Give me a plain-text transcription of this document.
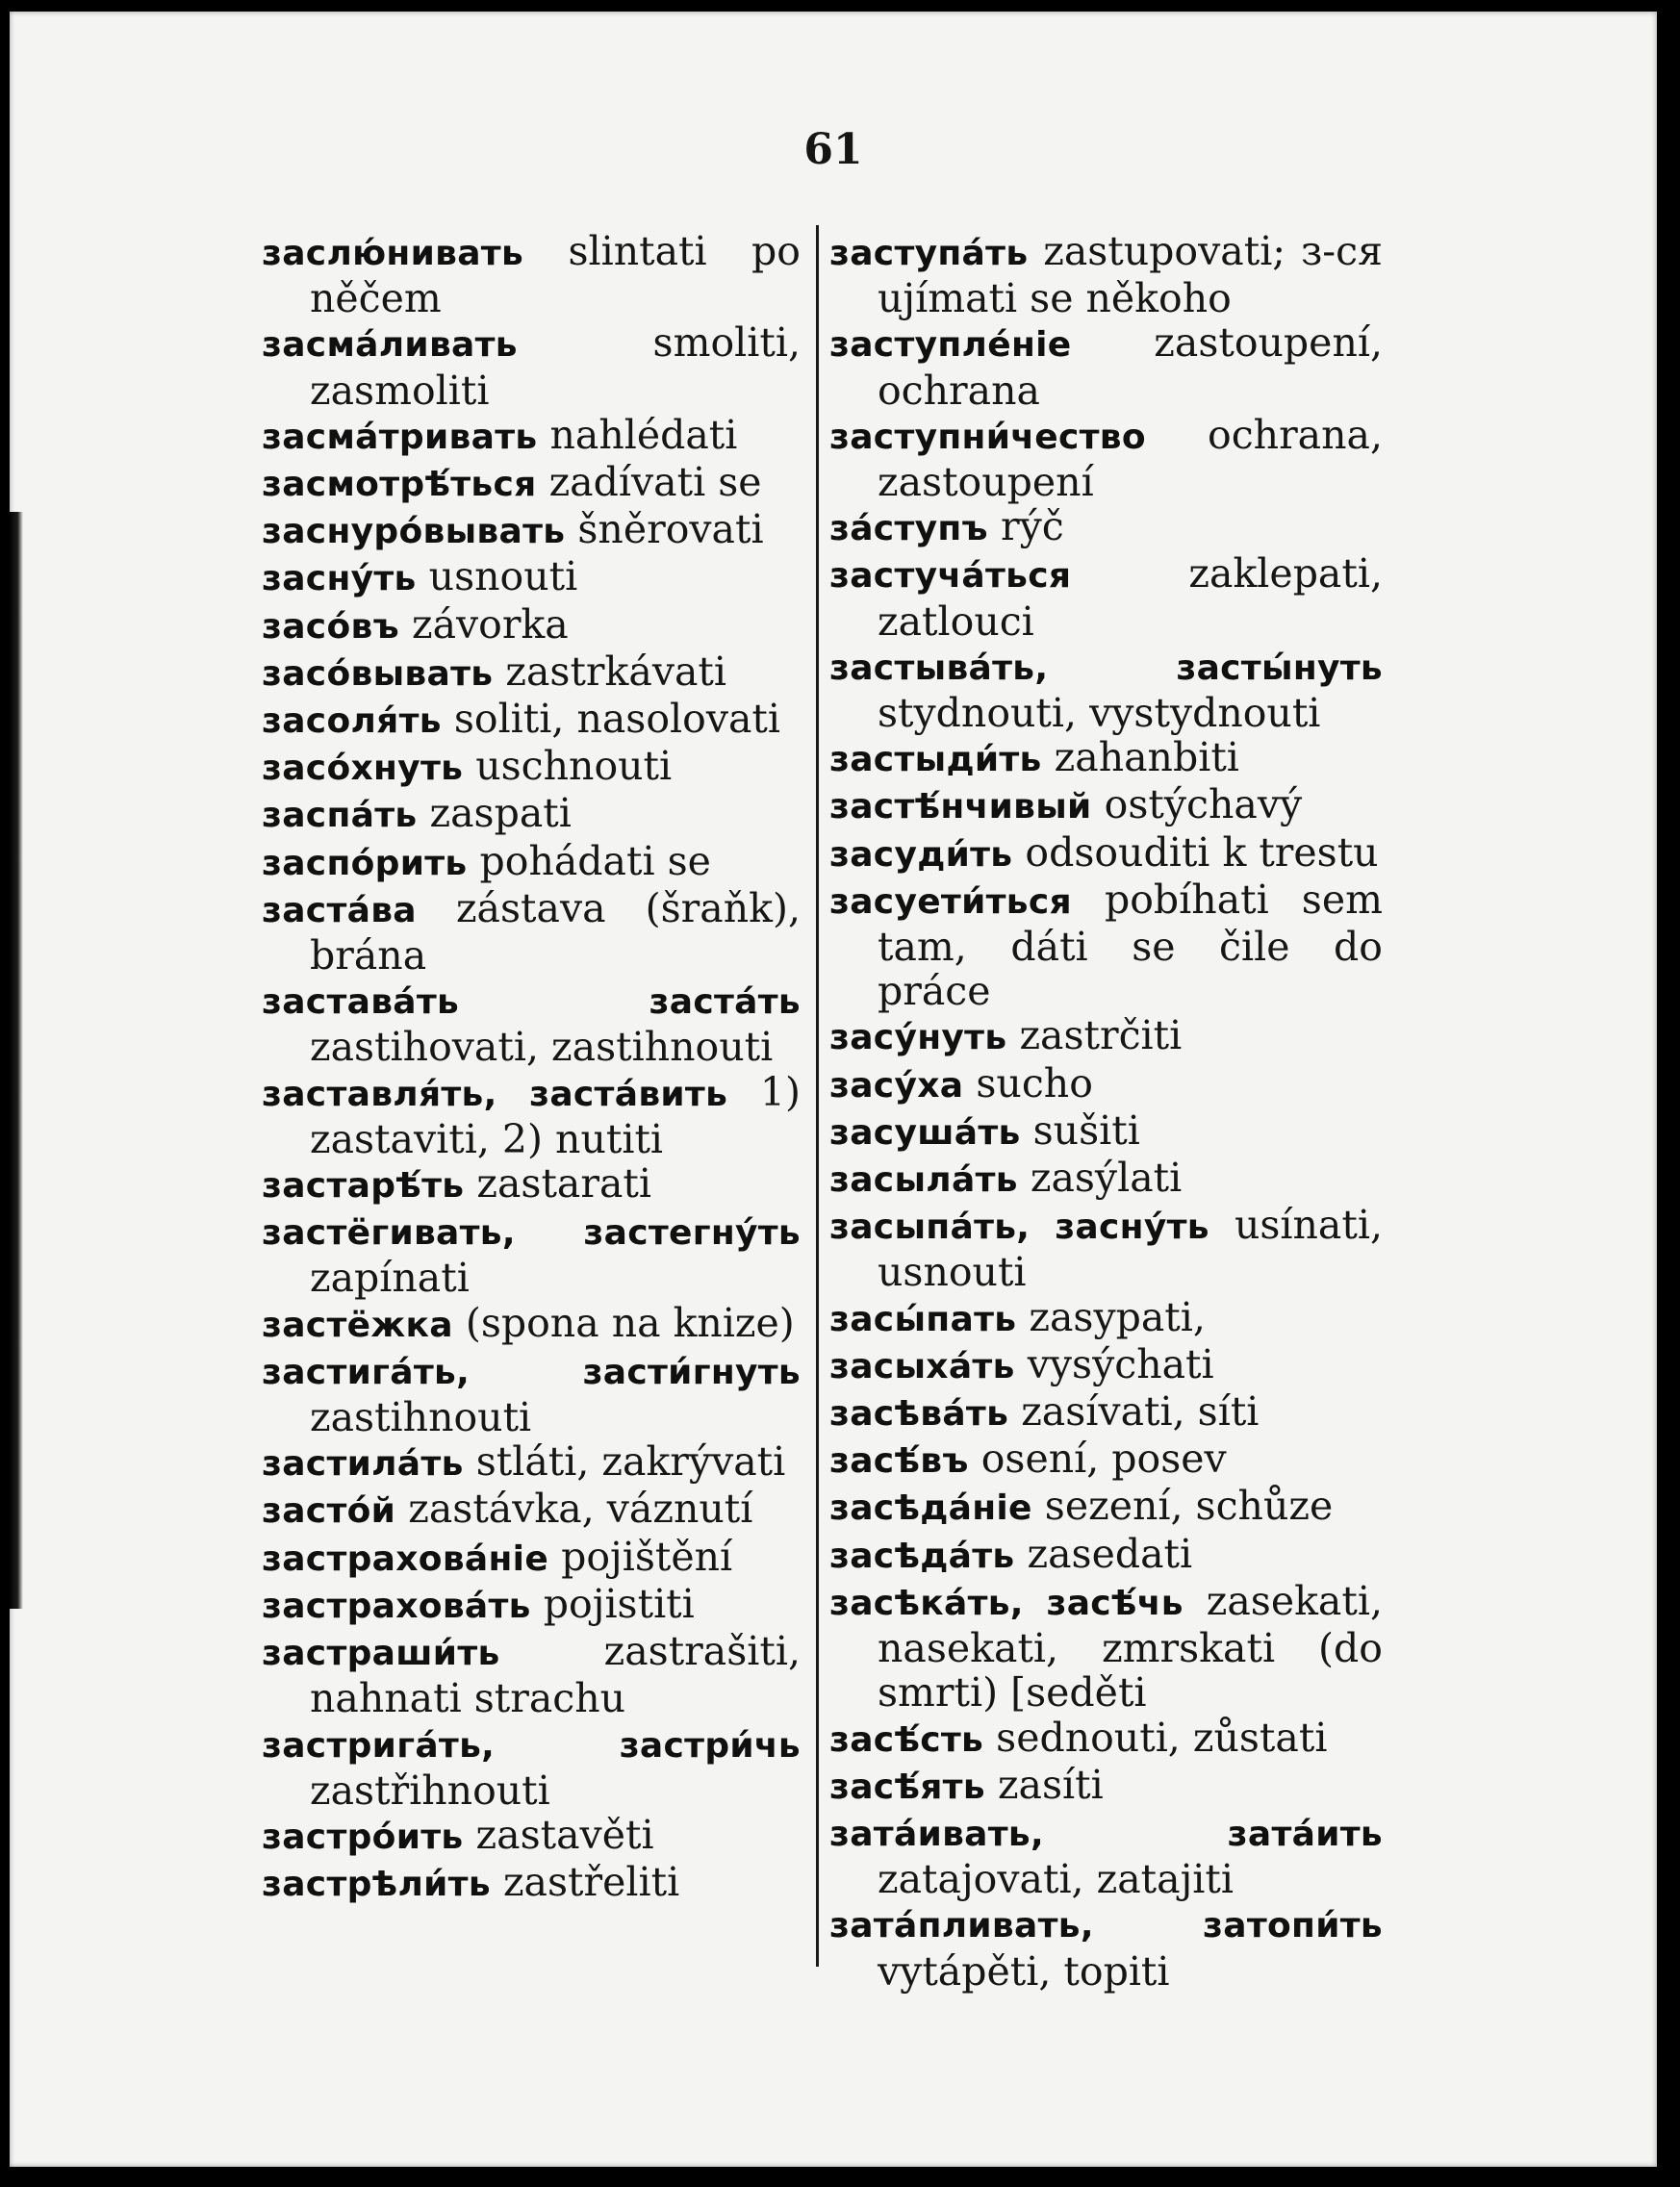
61
заслю́нивать slintati po něčem
засма́ливать	smoliti, zasmoliti
засма́тривать nahlédati
засмотрѣ́ться zadívati se
заснуро́вывать šněrovati
засну́ть usnouti
засо́въ závorka
засо́вывать zastrkávati
засоля́ть soliti, nasolovati
засо́хнуть uschnouti
заспа́ть zaspati
заспо́рить pohádati se
заста́ва zástava (šraňk), brána
застава́ть заста́ть zastihovati, zastihnouti
заставля́ть, заста́вить 1) zastaviti, 2) nutiti
застарѣ́ть zastarati
застёгивать, застегну́ть zapínati
застёжка (spona na knize)
застига́ть, засти́гнуть zastihnouti
застила́ть stláti, zakrývati
засто́й zastávka, váznutí
застрахова́ніе pojištění
застрахова́ть pojistiti
застраши́ть	zastrašiti, nahnati strachu
застрига́ть, застри́чь zastřihnouti
застро́ить zastavěti
застрѣли́ть zastřeliti
заступа́ть zastupovati; з-ся ujímati se někoho
заступле́ніе zastoupení, ochrana
заступни́чество ochrana, zastoupení
за́ступъ rýč
застуча́ться	zaklepati, zatlouci
застыва́ть, засты́нуть stydnouti, vystydnouti
застыди́ть zahanbiti
застѣ́нчивый ostýchavý
засуди́ть odsouditi k trestu
засуети́ться pobíhati sem tam, dáti se čile do práce
засу́нуть zastrčiti
засу́ха sucho
засуша́ть sušiti
засыла́ть zasýlati
засыпа́ть, засну́ть usínati, usnouti
засы́пать zasypati,
засыха́ть vysýchati
засѣва́ть zasívati, síti
засѣ́въ osení, posev
засѣда́ніе sezení, schůze
засѣда́ть zasedati
засѣка́ть, засѣ́чь zasekati, nasekati, zmrskati (do smrti) [seděti
засѣ́сть sednouti, zůstati
засѣ́ять zasíti
зата́ивать, зата́ить zatajovati, zatajiti
зата́пливать, затопи́ть vytápěti, topiti
